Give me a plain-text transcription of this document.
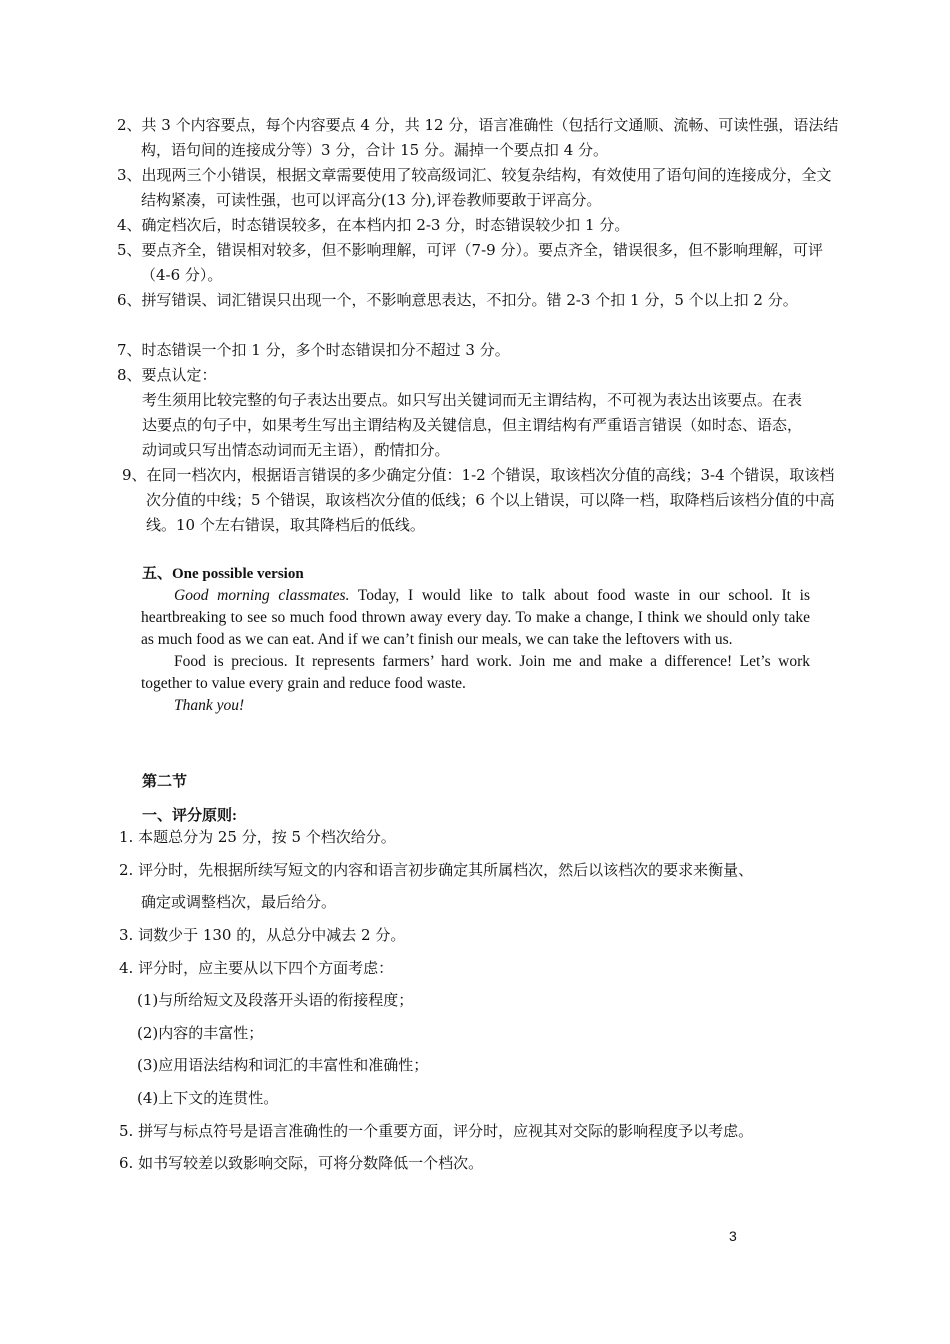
2、共 3 个内容要点，每个内容要点 4 分，共 12 分，语言准确性（包括行文通顺、流畅、可读性强，语法结构，语句间的连接成分等）3 分，合计 15 分。漏掉一个要点扣 4 分。
3、出现两三个小错误，根据文章需要使用了较高级词汇、较复杂结构，有效使用了语句间的连接成分，全文结构紧凑，可读性强，也可以评高分(13 分),评卷教师要敢于评高分。
4、确定档次后，时态错误较多，在本档内扣 2-3 分，时态错误较少扣 1 分。
5、要点齐全，错误相对较多，但不影响理解，可评（7-9 分）。要点齐全，错误很多，但不影响理解，可评（4-6 分）。
6、拼写错误、词汇错误只出现一个，不影响意思表达，不扣分。错 2-3 个扣 1 分，5 个以上扣 2 分。
7、时态错误一个扣 1 分，多个时态错误扣分不超过 3 分。
8、要点认定：
考生须用比较完整的句子表达出要点。如只写出关键词而无主谓结构，不可视为表达出该要点。在表达要点的句子中，如果考生写出主谓结构及关键信息，但主谓结构有严重语言错误（如时态、语态，动词或只写出情态动词而无主语），酌情扣分。
9、在同一档次内，根据语言错误的多少确定分值：1-2 个错误，取该档次分值的高线；3-4 个错误，取该档次分值的中线；5 个错误，取该档次分值的低线；6 个以上错误，可以降一档，取降档后该档分值的中高线。10 个左右错误，取其降档后的低线。
五、One possible version

Good morning classmates. Today, I would like to talk about food waste in our school. It is heartbreaking to see so much food thrown away every day. To make a change, I think we should only take as much food as we can eat. And if we can’t finish our meals, we can take the leftovers with us.

Food is precious. It represents farmers’ hard work. Join me and make a difference! Let’s work together to value every grain and reduce food waste.

Thank you!

第二节
一、评分原则:
1. 本题总分为 25 分，按 5 个档次给分。
2. 评分时，先根据所续写短文的内容和语言初步确定其所属档次，然后以该档次的要求来衡量、
确定或调整档次，最后给分。
3. 词数少于 130 的，从总分中减去 2 分。
4. 评分时，应主要从以下四个方面考虑：
(1)与所给短文及段落开头语的衔接程度；
(2)内容的丰富性；
(3)应用语法结构和词汇的丰富性和准确性；
(4)上下文的连贯性。
5. 拼写与标点符号是语言准确性的一个重要方面，评分时，应视其对交际的影响程度予以考虑。
6. 如书写较差以致影响交际，可将分数降低一个档次。
3
